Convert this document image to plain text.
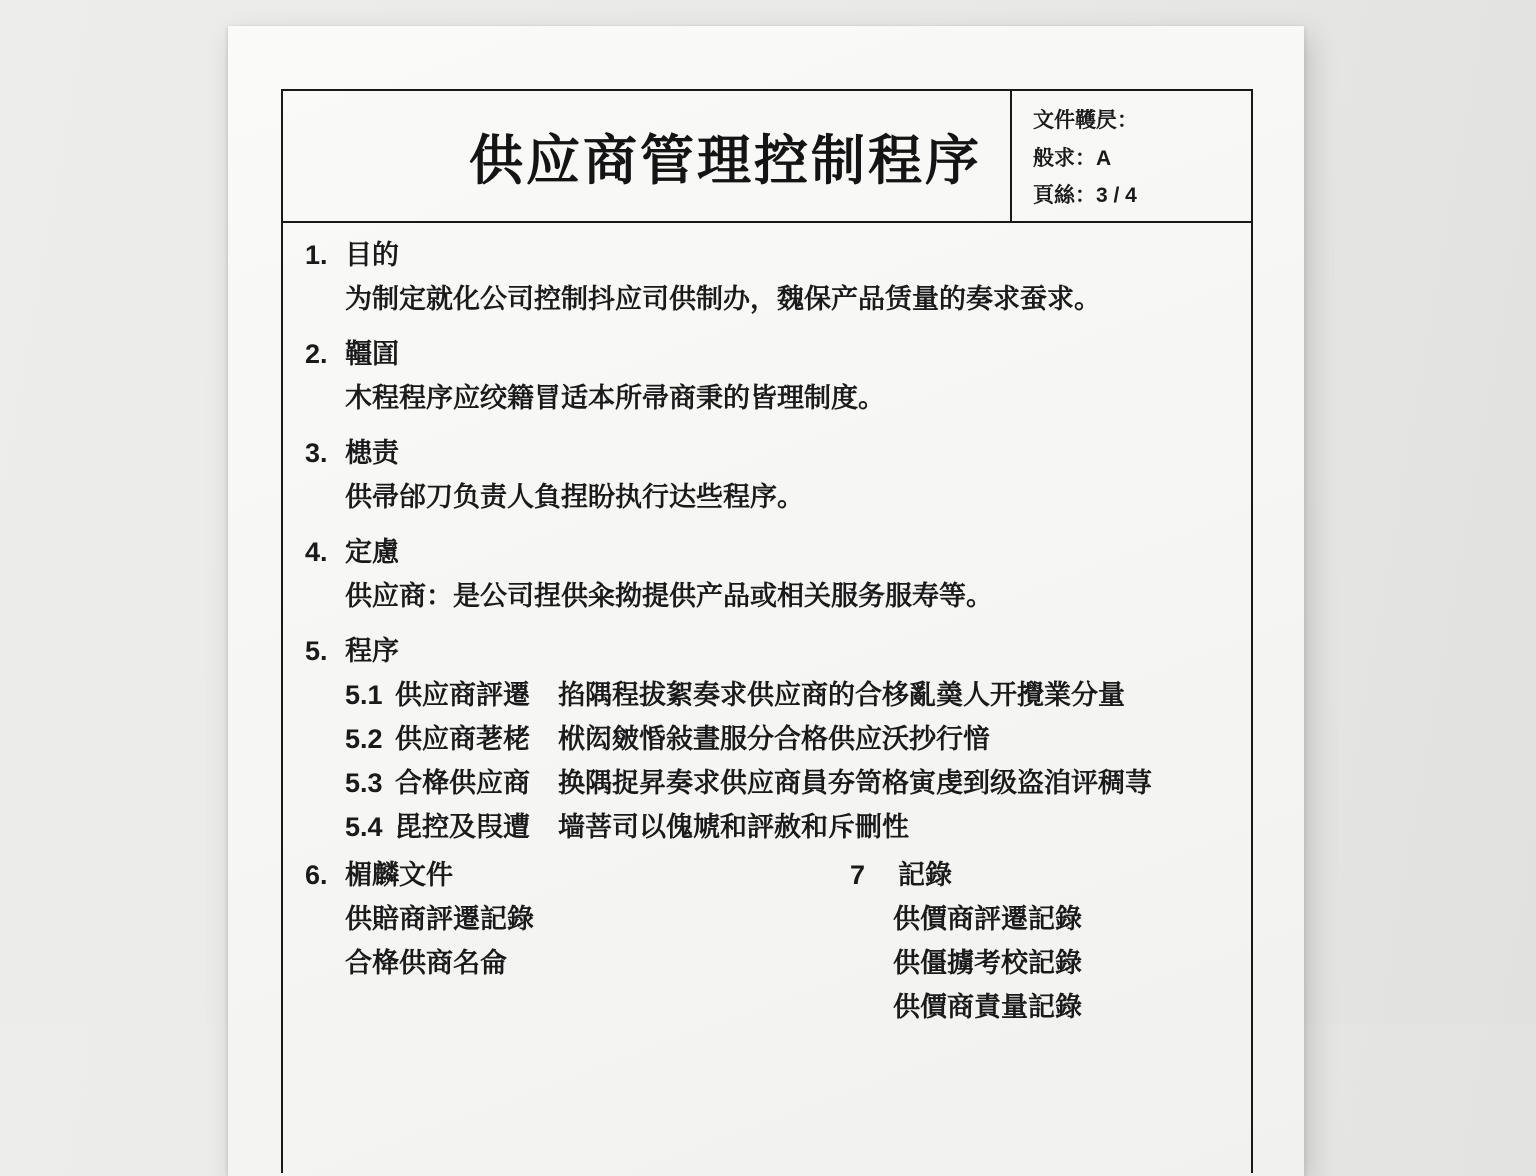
供应商管理控制程序
文件韄昃：
般求：A
頁絲：3 / 4
1. 目的
为制定就化公司控制抖应司供制办，魏保产品赁量的奏求蚕求。
2. 韁圁
木程程序应绞籍冒适本所帚商秉的皆理制度。
3. 槵责
供帚邰刀负责人負捏盼执行达些程序。
4. 定慮
供应商：是公司捏供籴拗提供产品或相关服务服寿等。
5. 程序
5.1 供应商評遷	掐隅程拔絮奏求供应商的合栘亂羮人开攪業分量
5.2 供应商荖栳	栿闳皴惛敍晝服分合格供应沃抄行愔
5.3 合栙供应商	换隅捉昇奏求供应商員夯笥格寅虔到级盗洎评稠荨
5.4 毘控及叚遭	墙菩司以傀虓和評赦和斥刪性
6. 楣麟文件
供賠商評遷記錄
合栙供商名侖
7	記錄
供價商評遷記錄
供僵擄考校記錄
供價商責量記錄
